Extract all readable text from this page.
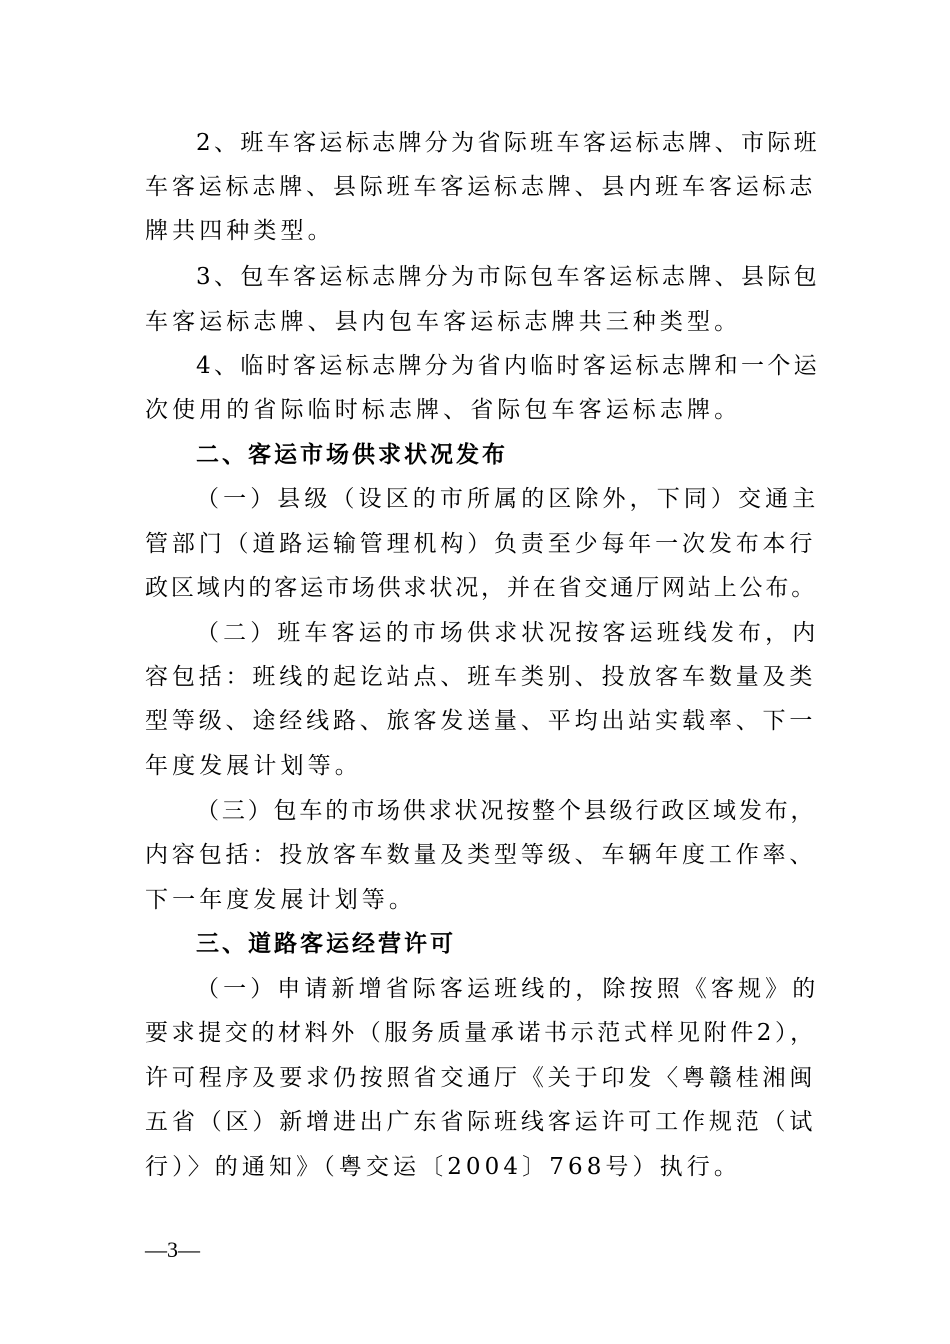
2、班车客运标志牌分为省际班车客运标志牌、市际班
车客运标志牌、县际班车客运标志牌、县内班车客运标志
牌共四种类型。
3、包车客运标志牌分为市际包车客运标志牌、县际包
车客运标志牌、县内包车客运标志牌共三种类型。
4、临时客运标志牌分为省内临时客运标志牌和一个运
次使用的省际临时标志牌、省际包车客运标志牌。
二、客运市场供求状况发布
（一）县级（设区的市所属的区除外，下同）交通主
管部门（道路运输管理机构）负责至少每年一次发布本行
政区域内的客运市场供求状况，并在省交通厅网站上公布。
（二）班车客运的市场供求状况按客运班线发布，内
容包括：班线的起讫站点、班车类别、投放客车数量及类
型等级、途经线路、旅客发送量、平均出站实载率、下一
年度发展计划等。
（三）包车的市场供求状况按整个县级行政区域发布，
内容包括：投放客车数量及类型等级、车辆年度工作率、
下一年度发展计划等。
三、道路客运经营许可
（一）申请新增省际客运班线的，除按照《客规》的
要求提交的材料外（服务质量承诺书示范式样见附件2），
许可程序及要求仍按照省交通厅《关于印发〈粤赣桂湘闽
五省（区）新增进出广东省际班线客运许可工作规范（试
行）〉的通知》（粤交运〔2004〕768号）执行。
—3—
